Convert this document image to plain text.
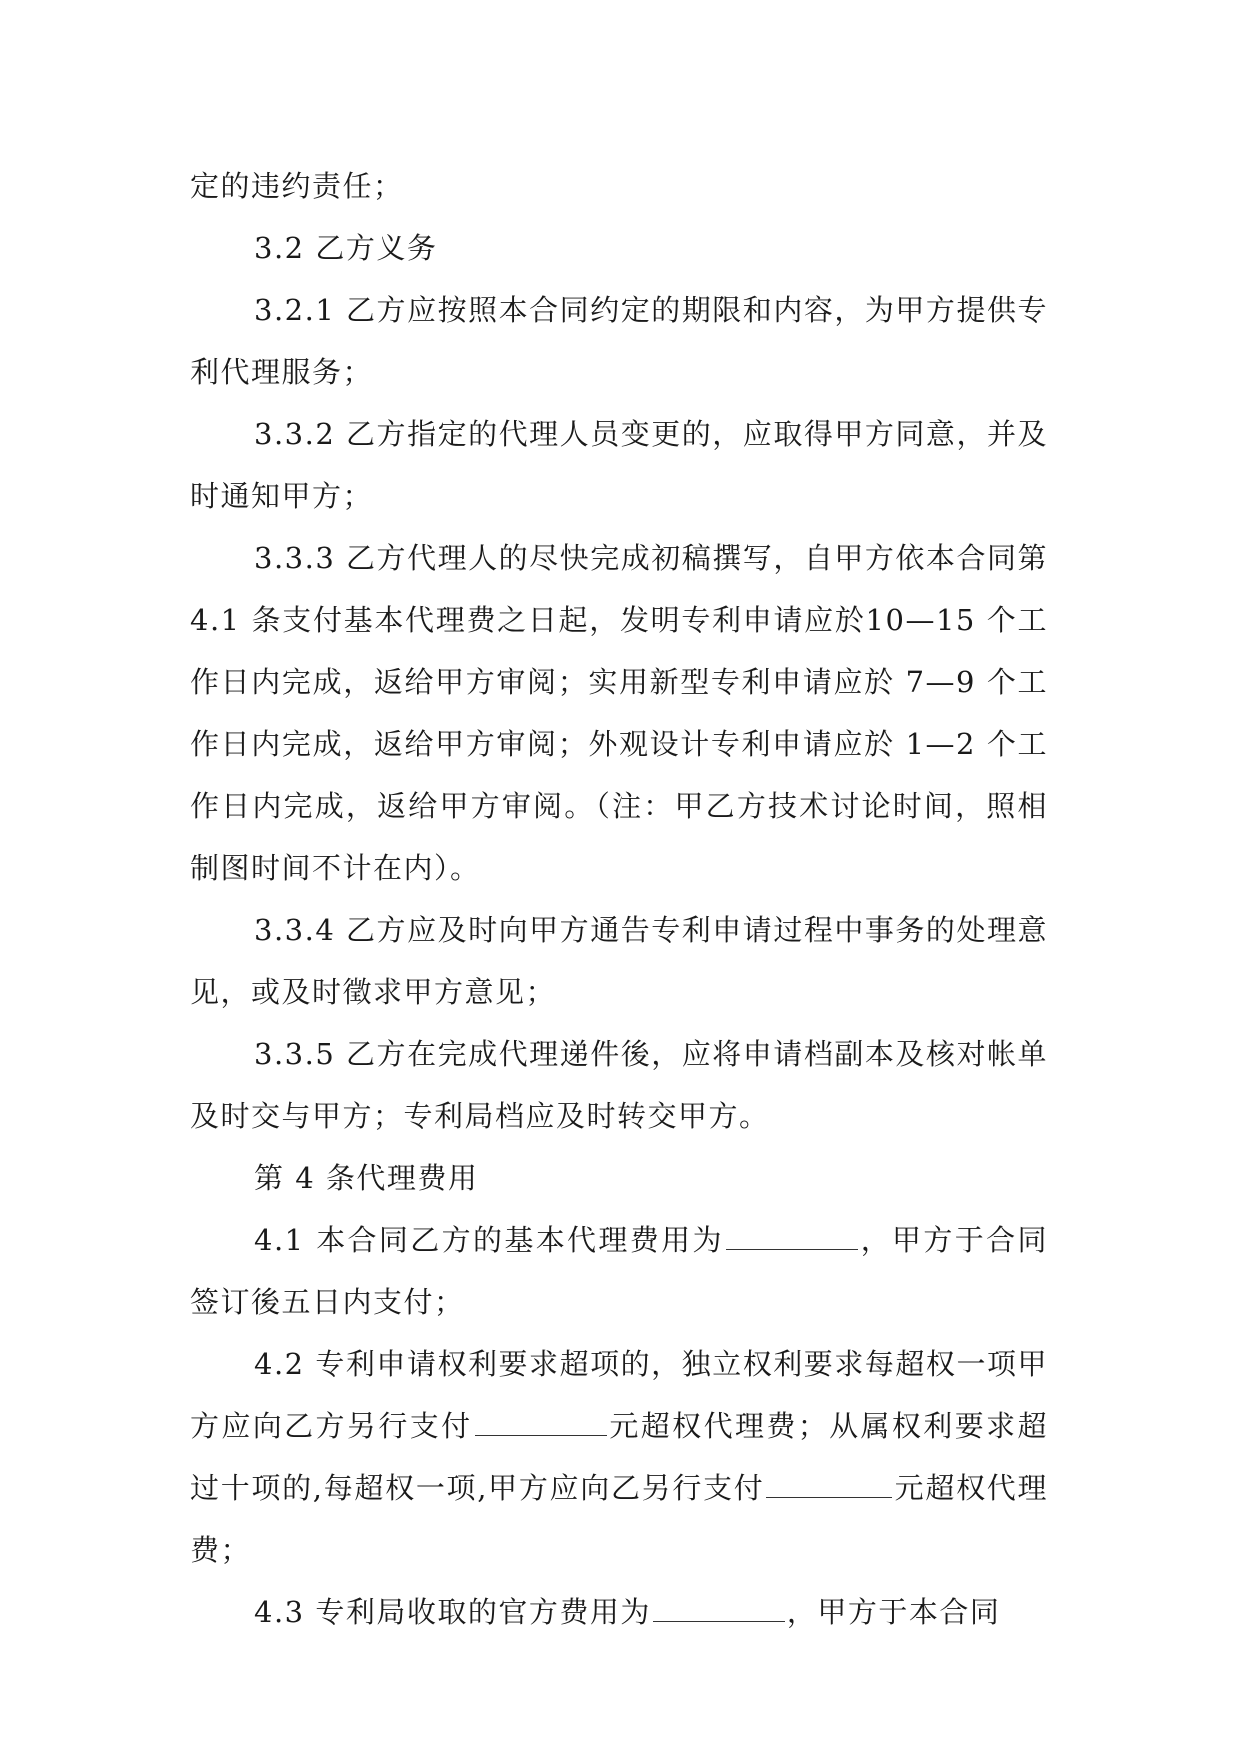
定的违约责任；

3.2 乙方义务

3.2.1 乙方应按照本合同约定的期限和内容，为甲方提供专利代理服务；

3.3.2 乙方指定的代理人员变更的，应取得甲方同意，并及时通知甲方；

3.3.3 乙方代理人的尽快完成初稿撰写，自甲方依本合同第 4.1 条支付基本代理费之日起，发明专利申请应於10—15 个工作日内完成，返给甲方审阅；实用新型专利申请应於 7—9 个工作日内完成，返给甲方审阅；外观设计专利申请应於 1—2 个工作日内完成，返给甲方审阅。（注：甲乙方技术讨论时间，照相制图时间不计在内）。

3.3.4 乙方应及时向甲方通告专利申请过程中事务的处理意见，或及时徵求甲方意见；

3.3.5 乙方在完成代理递件後，应将申请档副本及核对帐单及时交与甲方；专利局档应及时转交甲方。

第 4 条代理费用

4.1 本合同乙方的基本代理费用为	，甲方于合同签订後五日内支付；

4.2 专利申请权利要求超项的，独立权利要求每超权一项甲方应向乙方另行支付	元超权代理费；从属权利要求超过十项的,每超权一项,甲方应向乙另行支付	元超权代理费；

4.3 专利局收取的官方费用为	，甲方于本合同
